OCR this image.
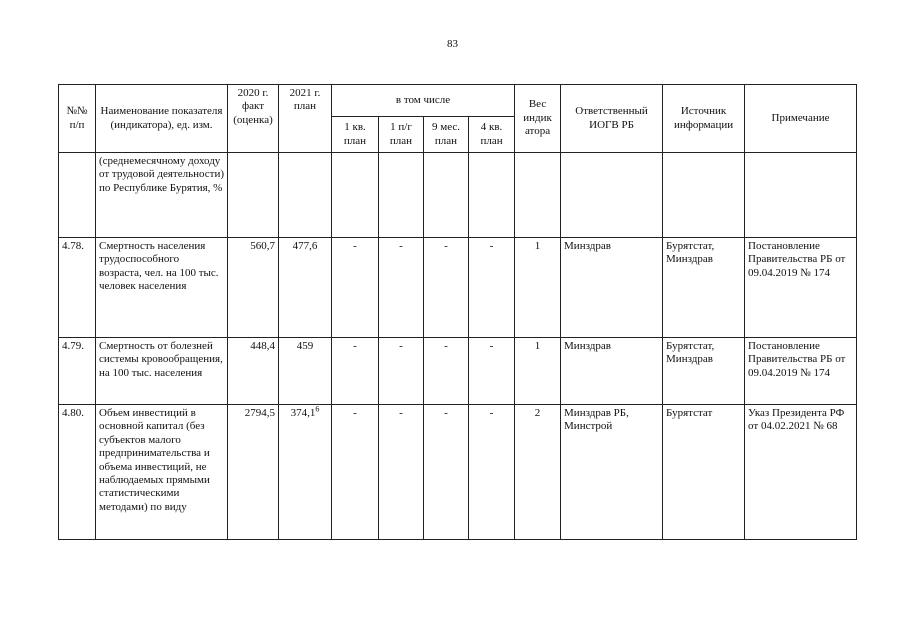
83
№№ п/п	Наименование показателя (индикатора), ед. изм.	2020 г. факт (оценка)	2021 г. план	в том числе				Вес индик атора	Ответственный ИОГВ РБ	Источник информации	Примечание
				1 кв. план	1 п/г план	9 мес. план	4 кв. план				
	(среднемесячному доходу от трудовой деятельности) по Республике Бурятия, %										
4.78.	Смертность населения трудоспособного возраста, чел. на 100 тыс. человек населения	560,7	477,6	-	-	-	-	1	Минздрав	Бурятстат, Минздрав	Постановление Правительства РБ от 09.04.2019 № 174
4.79.	Смертность от болезней системы кровообращения, на 100 тыс. населения	448,4	459	-	-	-	-	1	Минздрав	Бурятстат, Минздрав	Постановление Правительства РБ от 09.04.2019 № 174
4.80.	Объем инвестиций в основной капитал (без субъектов малого предпринимательства и объема инвестиций, не наблюдаемых прямыми статистическими методами) по виду	2794,5	374,1$^6$	-	-	-	-	2	Минздрав РБ, Минстрой	Бурятстат	Указ Президента РФ от 04.02.2021 № 68
